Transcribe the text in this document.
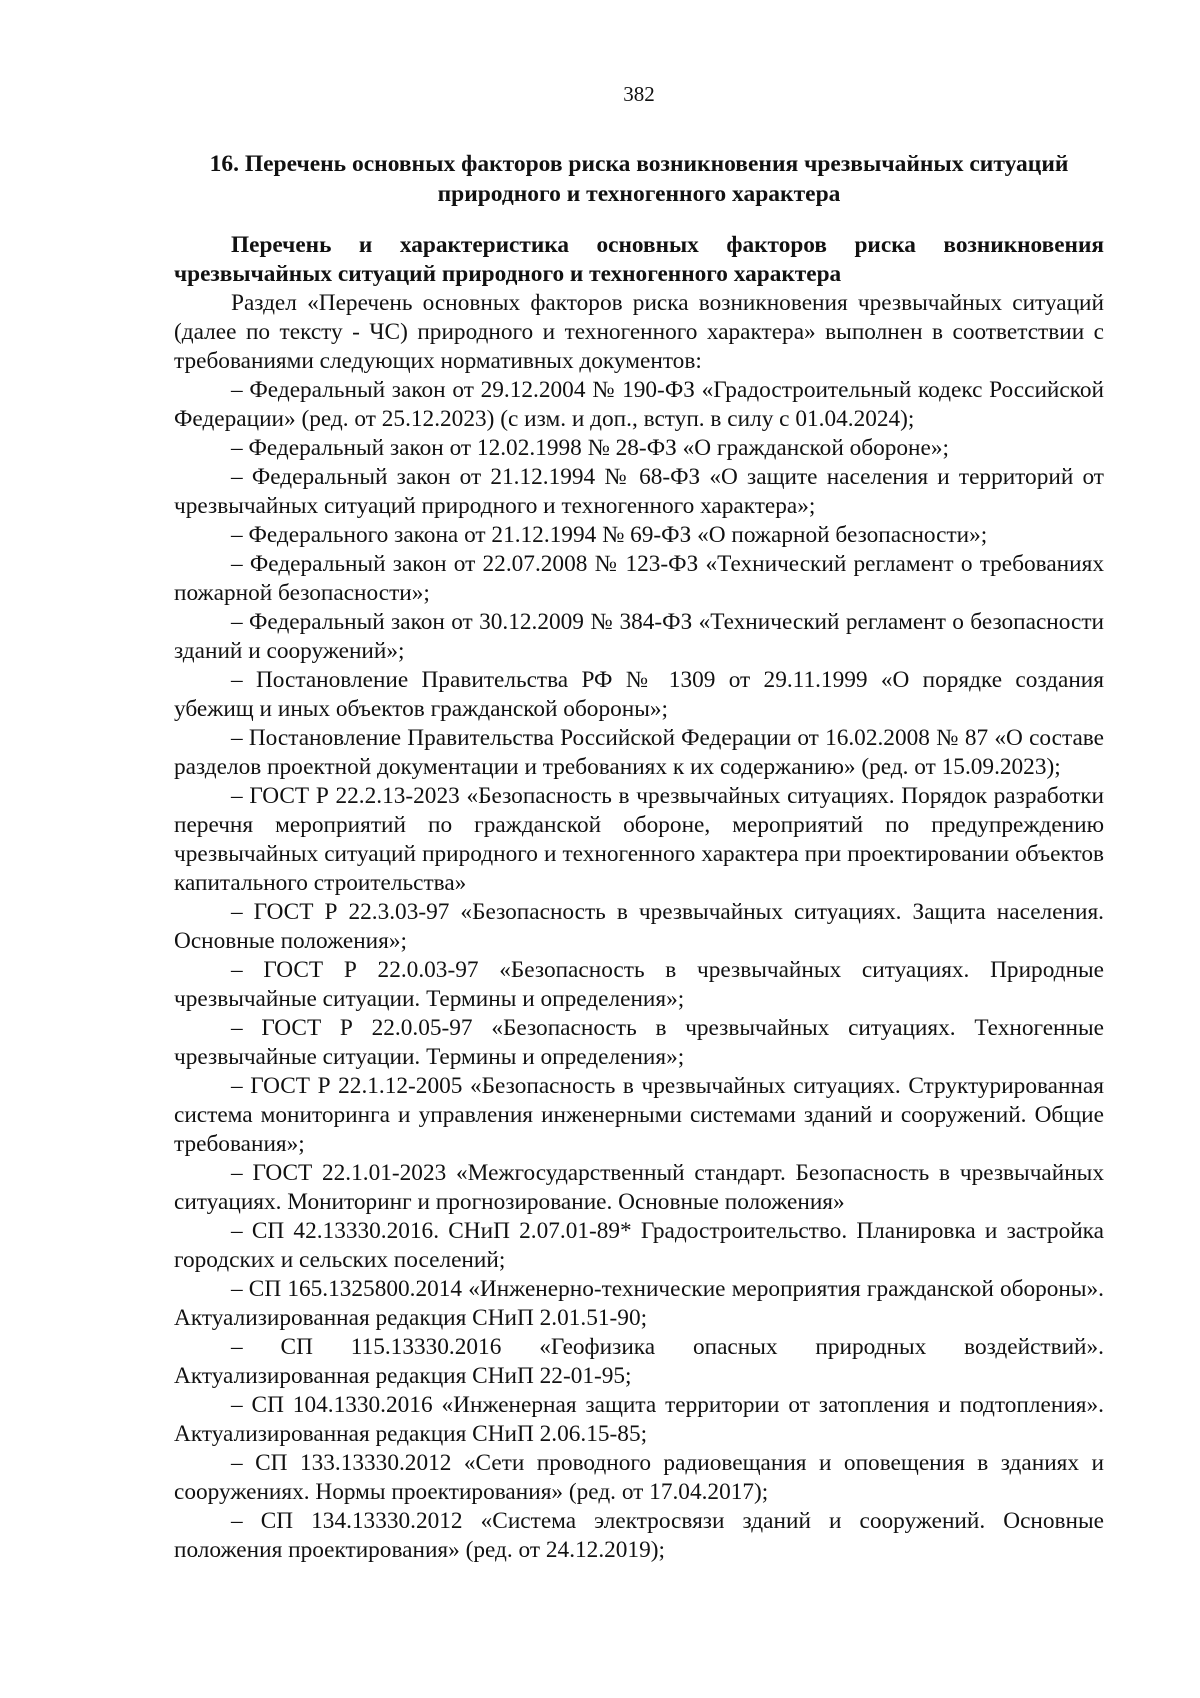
382
16. Перечень основных факторов риска возникновения чрезвычайных ситуаций
природного и техногенного характера

Перечень и характеристика основных факторов риска возникновения чрезвычайных ситуаций природного и техногенного характера

Раздел «Перечень основных факторов риска возникновения чрезвычайных ситуаций (далее по тексту - ЧС) природного и техногенного характера» выполнен в соответствии с требованиями следующих нормативных документов:

– Федеральный закон от 29.12.2004 № 190-ФЗ «Градостроительный кодекс Российской Федерации» (ред. от 25.12.2023) (с изм. и доп., вступ. в силу с 01.04.2024);
– Федеральный закон от 12.02.1998 № 28-ФЗ «О гражданской обороне»;
– Федеральный закон от 21.12.1994 № 68-ФЗ «О защите населения и территорий от чрезвычайных ситуаций природного и техногенного характера»;
– Федерального закона от 21.12.1994 № 69-ФЗ «О пожарной безопасности»;
– Федеральный закон от 22.07.2008 № 123-ФЗ «Технический регламент о требованиях пожарной безопасности»;
– Федеральный закон от 30.12.2009 № 384-ФЗ «Технический регламент о безопасности зданий и сооружений»;
– Постановление Правительства РФ № 1309 от 29.11.1999 «О порядке создания убежищ и иных объектов гражданской обороны»;
– Постановление Правительства Российской Федерации от 16.02.2008 № 87 «О составе разделов проектной документации и требованиях к их содержанию» (ред. от 15.09.2023);
– ГОСТ Р 22.2.13-2023 «Безопасность в чрезвычайных ситуациях. Порядок разработки перечня мероприятий по гражданской обороне, мероприятий по предупреждению чрезвычайных ситуаций природного и техногенного характера при проектировании объектов капитального строительства»
– ГОСТ Р 22.3.03-97 «Безопасность в чрезвычайных ситуациях. Защита населения. Основные положения»;
– ГОСТ Р 22.0.03-97 «Безопасность в чрезвычайных ситуациях. Природные чрезвычайные ситуации. Термины и определения»;
– ГОСТ Р 22.0.05-97 «Безопасность в чрезвычайных ситуациях. Техногенные чрезвычайные ситуации. Термины и определения»;
– ГОСТ Р 22.1.12-2005 «Безопасность в чрезвычайных ситуациях. Структурированная система мониторинга и управления инженерными системами зданий и сооружений. Общие требования»;
– ГОСТ 22.1.01-2023 «Межгосударственный стандарт. Безопасность в чрезвычайных ситуациях. Мониторинг и прогнозирование. Основные положения»
– СП 42.13330.2016. СНиП 2.07.01-89* Градостроительство. Планировка и застройка городских и сельских поселений;
– СП 165.1325800.2014 «Инженерно-технические мероприятия гражданской обороны». Актуализированная редакция СНиП 2.01.51-90;
– СП 115.13330.2016 «Геофизика опасных природных воздействий». Актуализированная редакция СНиП 22-01-95;
– СП 104.1330.2016 «Инженерная защита территории от затопления и подтопления». Актуализированная редакция СНиП 2.06.15-85;
– СП 133.13330.2012 «Сети проводного радиовещания и оповещения в зданиях и сооружениях. Нормы проектирования» (ред. от 17.04.2017);
– СП 134.13330.2012 «Система электросвязи зданий и сооружений. Основные положения проектирования» (ред. от 24.12.2019);
